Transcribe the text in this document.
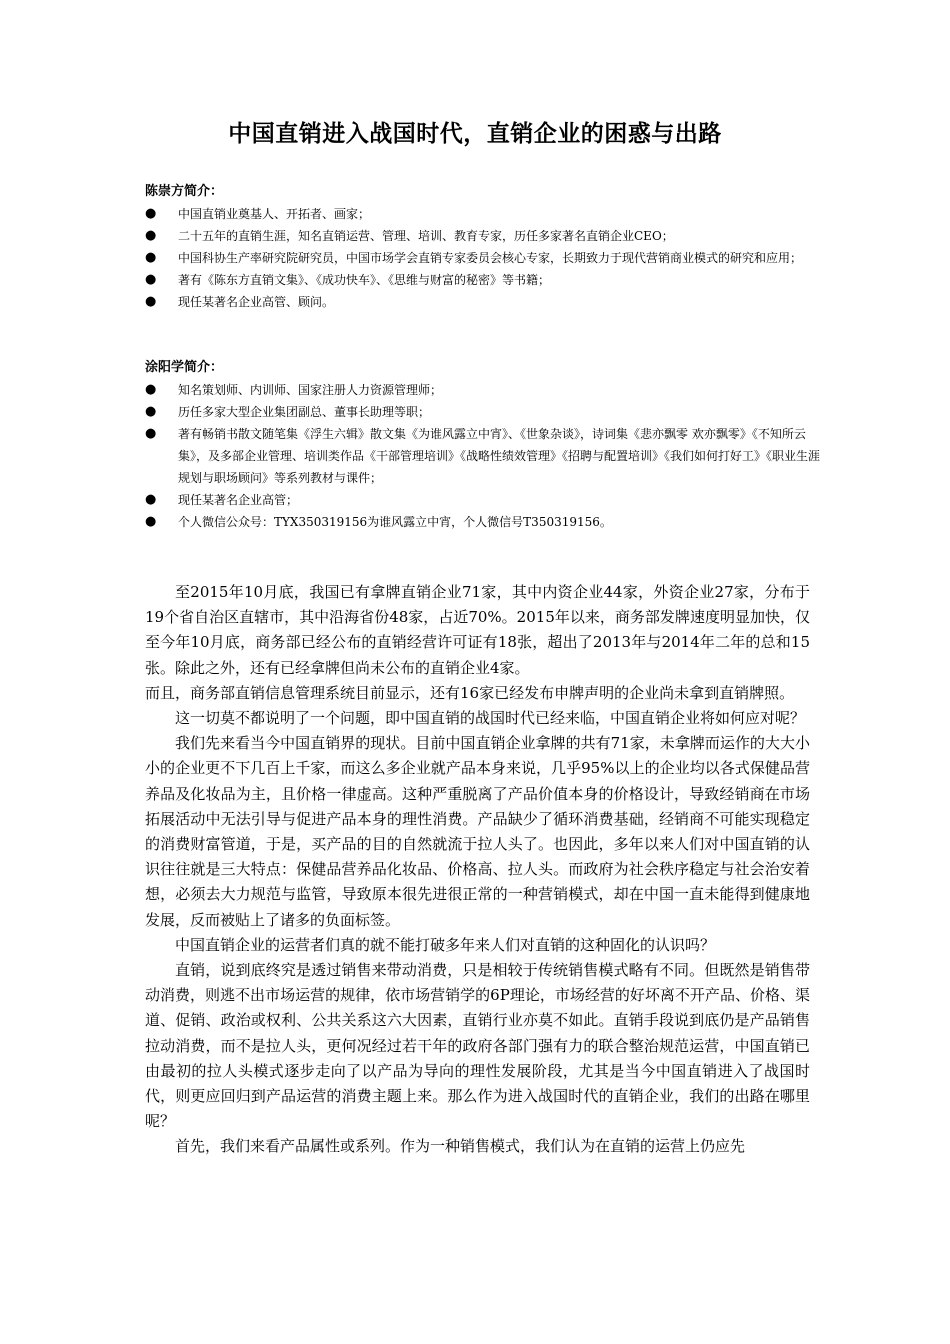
中国直销进入战国时代，直销企业的困惑与出路

陈崇方简介：

● 中国直销业奠基人、开拓者、画家；
● 二十五年的直销生涯，知名直销运营、管理、培训、教育专家，历任多家著名直销企业CEO；
● 中国科协生产率研究院研究员，中国市场学会直销专家委员会核心专家，长期致力于现代营销商业模式的研究和应用；
● 著有《陈东方直销文集》、《成功快车》、《思维与财富的秘密》等书籍；
● 现任某著名企业高管、顾问。

涂阳学简介：

● 知名策划师、内训师、国家注册人力资源管理师；
● 历任多家大型企业集团副总、董事长助理等职；
● 著有畅销书散文随笔集《浮生六辑》散文集《为谁风露立中宵》、《世象杂谈》，诗词集《悲亦飘零 欢亦飘零》《不知所云集》，及多部企业管理、培训类作品《干部管理培训》《战略性绩效管理》《招聘与配置培训》《我们如何打好工》《职业生涯规划与职场顾问》等系列教材与课件；
● 现任某著名企业高管；
● 个人微信公众号：TYX350319156为谁风露立中宵，个人微信号T350319156。

至2015年10月底，我国已有拿牌直销企业71家，其中内资企业44家，外资企业27家，分布于19个省自治区直辖市，其中沿海省份48家，占近70%。2015年以来，商务部发牌速度明显加快，仅至今年10月底，商务部已经公布的直销经营许可证有18张，超出了2013年与2014年二年的总和15张。除此之外，还有已经拿牌但尚未公布的直销企业4家。

而且，商务部直销信息管理系统目前显示，还有16家已经发布申牌声明的企业尚未拿到直销牌照。

这一切莫不都说明了一个问题，即中国直销的战国时代已经来临，中国直销企业将如何应对呢？

我们先来看当今中国直销界的现状。目前中国直销企业拿牌的共有71家，未拿牌而运作的大大小小的企业更不下几百上千家，而这么多企业就产品本身来说，几乎95%以上的企业均以各式保健品营养品及化妆品为主，且价格一律虚高。这种严重脱离了产品价值本身的价格设计，导致经销商在市场拓展活动中无法引导与促进产品本身的理性消费。产品缺少了循环消费基础，经销商不可能实现稳定的消费财富管道，于是，买产品的目的自然就流于拉人头了。也因此，多年以来人们对中国直销的认识往往就是三大特点：保健品营养品化妆品、价格高、拉人头。而政府为社会秩序稳定与社会治安着想，必须去大力规范与监管，导致原本很先进很正常的一种营销模式，却在中国一直未能得到健康地发展，反而被贴上了诸多的负面标签。

中国直销企业的运营者们真的就不能打破多年来人们对直销的这种固化的认识吗？

直销，说到底终究是透过销售来带动消费，只是相较于传统销售模式略有不同。但既然是销售带动消费，则逃不出市场运营的规律，依市场营销学的6P理论，市场经营的好坏离不开产品、价格、渠道、促销、政治或权利、公共关系这六大因素，直销行业亦莫不如此。直销手段说到底仍是产品销售拉动消费，而不是拉人头，更何况经过若干年的政府各部门强有力的联合整治规范运营，中国直销已由最初的拉人头模式逐步走向了以产品为导向的理性发展阶段，尤其是当今中国直销进入了战国时代，则更应回归到产品运营的消费主题上来。那么作为进入战国时代的直销企业，我们的出路在哪里呢？

首先，我们来看产品属性或系列。作为一种销售模式，我们认为在直销的运营上仍应先
